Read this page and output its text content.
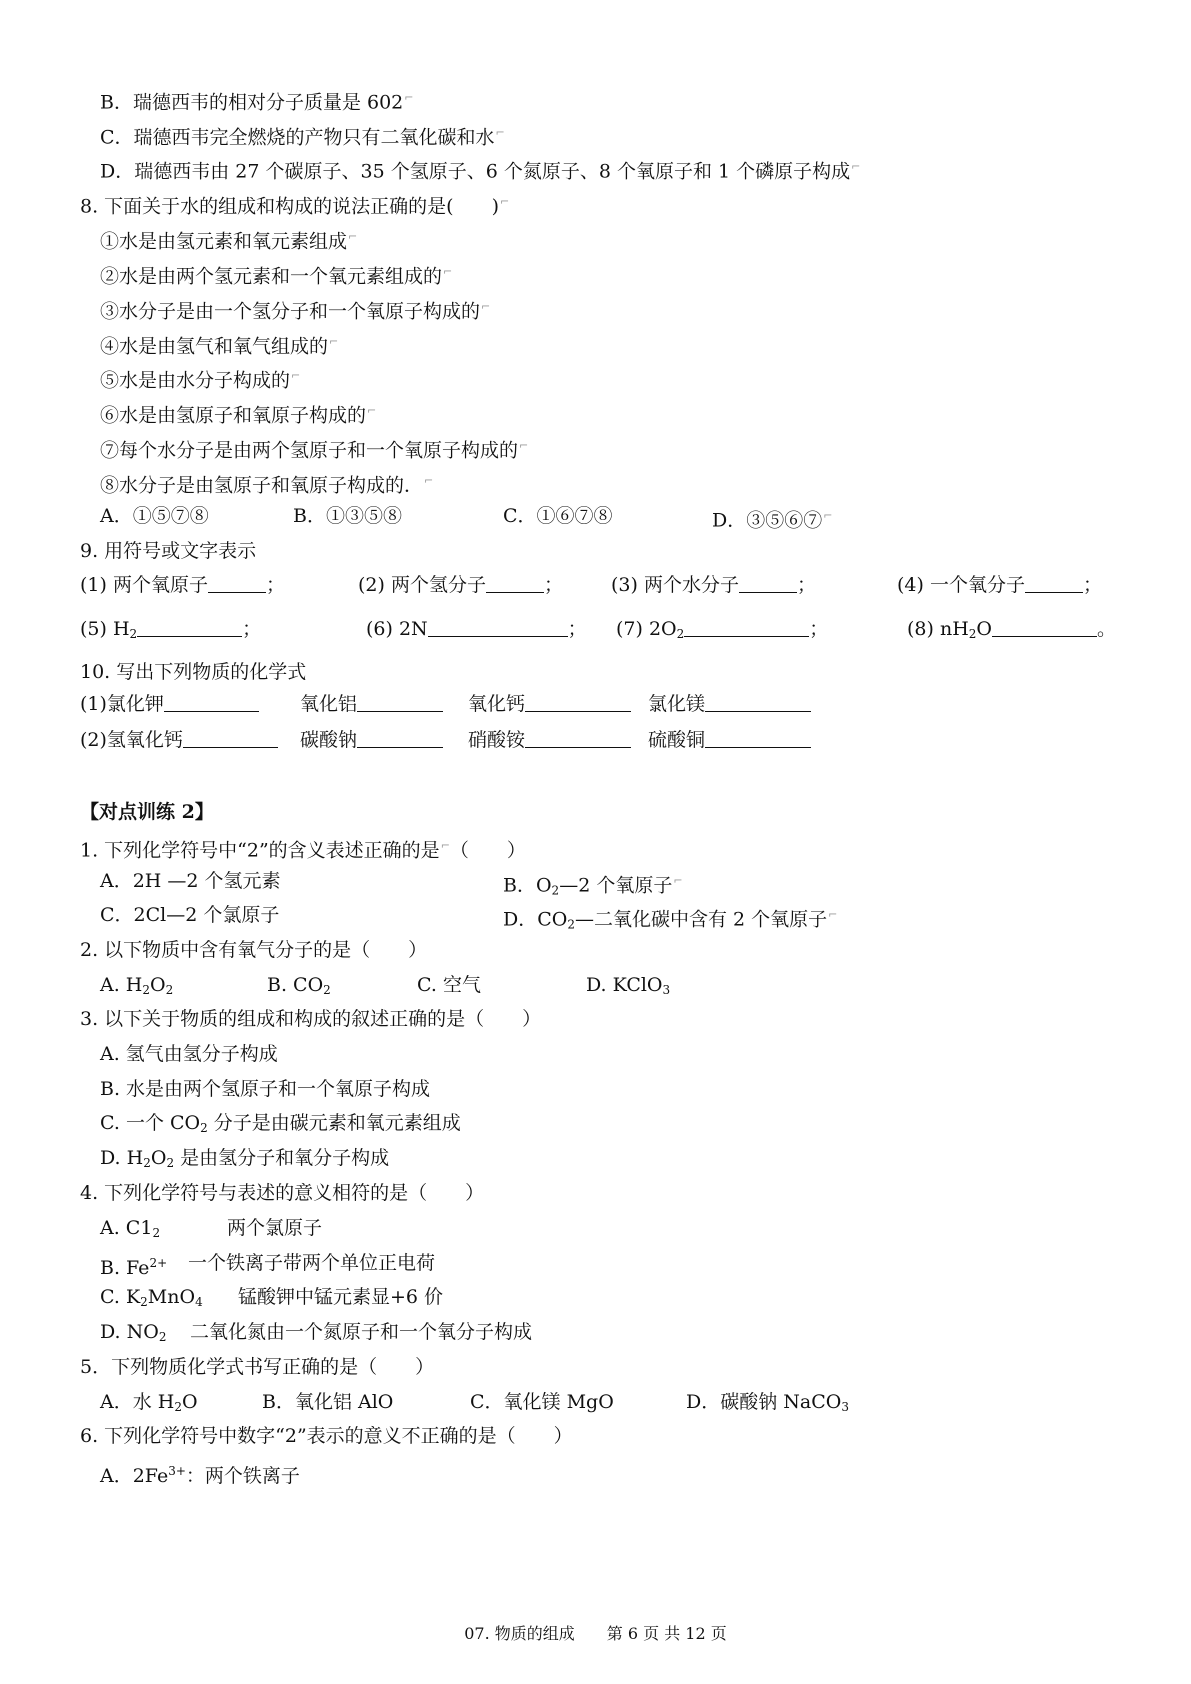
B．瑞德西韦的相对分子质量是 602⌐
C．瑞德西韦完全燃烧的产物只有二氧化碳和水⌐
D．瑞德西韦由 27 个碳原子、35 个氢原子、6 个氮原子、8 个氧原子和 1 个磷原子构成⌐
8. 下面关于水的组成和构成的说法正确的是(　　)⌐
①水是由氢元素和氧元素组成⌐
②水是由两个氢元素和一个氧元素组成的⌐
③水分子是由一个氢分子和一个氧原子构成的⌐
④水是由氢气和氧气组成的⌐
⑤水是由水分子构成的⌐
⑥水是由氢原子和氧原子构成的⌐
⑦每个水分子是由两个氢原子和一个氧原子构成的⌐
⑧水分子是由氢原子和氧原子构成的．⌐
A．①⑤⑦⑧	B．①③⑤⑧	C．①⑥⑦⑧	D．③⑤⑥⑦⌐
9. 用符号或文字表示
(1) 两个氧原子	；	(2) 两个氢分子	；	(3) 两个水分子	；	(4) 一个氧分子	；
(5) $H_2$	；	(6) 2N	； (7) $2O_2$	；	(8) $nH_2O$	。
10. 写出下列物质的化学式
(1)氯化钾	氧化铝	氧化钙	氯化镁
(2)氢氧化钙	碳酸钠	硝酸铵	硫酸铜
【对点训练 2】
1. 下列化学符号中“2”的含义表述正确的是⌐（　　）
A．2H —2 个氢元素	B．$O_2—2$ 个氧原子⌐
C．2Cl—2 个氯原子	D．$CO_2—$二氧化碳中含有 2 个氧原子⌐
2. 以下物质中含有氧气分子的是（　　）
A. $H_2O_2$	B. $CO_2$	C. 空气	D. KClO$_3$
3. 以下关于物质的组成和构成的叙述正确的是（　　）
A. 氢气由氢分子构成
B. 水是由两个氢原子和一个氧原子构成
C. 一个 $CO_2$ 分子是由碳元素和氧元素组成
D. $H_2O_2$ 是由氢分子和氧分子构成
4. 下列化学符号与表述的意义相符的是（　　）
A. $C1_2$	两个氯原子
B. $Fe^{2+}$ 一个铁离子带两个单位正电荷
C. $K_2MnO_4$ 锰酸钾中锰元素显+6 价
D. $NO_2$ 二氧化氮由一个氮原子和一个氧分子构成
5．下列物质化学式书写正确的是（　　）
A．水 $H_2O$	B．氧化铝 AlO	C．氧化镁 MgO	D．碳酸钠 NaCO$_3$
6. 下列化学符号中数字“2”表示的意义不正确的是（　　）
A．$2Fe^{3+}$：两个铁离子
07. 物质的组成　　第 6 页 共 12 页
